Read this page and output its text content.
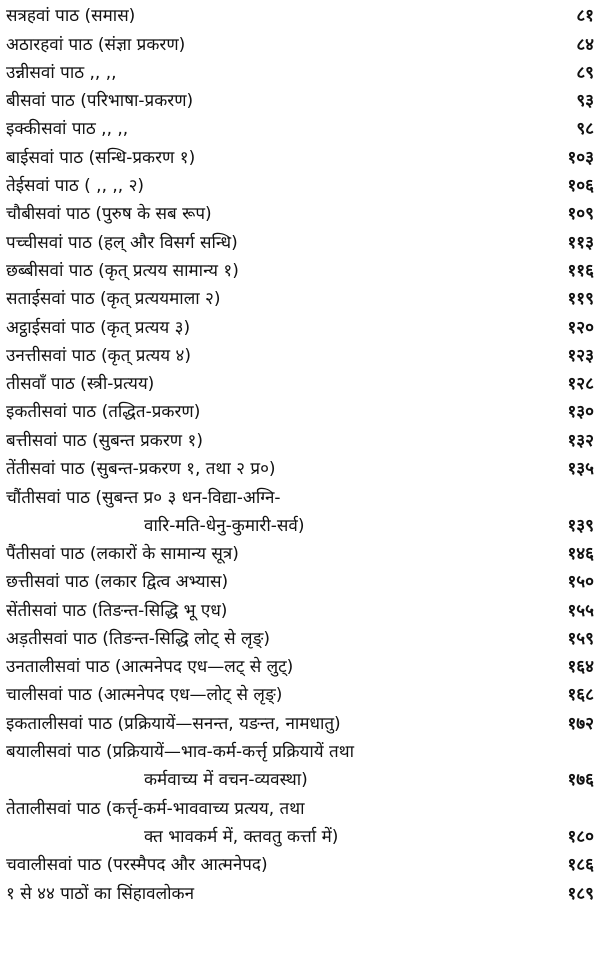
सत्रहवां पाठ (समास)	८१
अठारहवां पाठ (संज्ञा प्रकरण)	८४
उन्नीसवां पाठ ,, ,,	८९
बीसवां पाठ (परिभाषा-प्रकरण)	९३
इक्कीसवां पाठ ,, ,,	९८
बाईसवां पाठ (सन्धि-प्रकरण १)	१०३
तेईसवां पाठ ( ,, ,, २)	१०६
चौबीसवां पाठ (पुरुष के सब रूप)	१०९
पच्चीसवां पाठ (हल् और विसर्ग सन्धि)	११३
छब्बीसवां पाठ (कृत् प्रत्यय सामान्य १)	११६
सताईसवां पाठ (कृत् प्रत्ययमाला २)	११९
अट्ठाईसवां पाठ (कृत् प्रत्यय ३)	१२०
उनत्तीसवां पाठ (कृत् प्रत्यय ४)	१२३
तीसवाँ पाठ (स्त्री-प्रत्यय)	१२८
इकतीसवां पाठ (तद्धित-प्रकरण)	१३०
बत्तीसवां पाठ (सुबन्त प्रकरण १)	१३२
तेंतीसवां पाठ (सुबन्त-प्रकरण १, तथा २ प्र०)	१३५
चौंतीसवां पाठ (सुबन्त प्र० ३ धन-विद्या-अग्नि-
वारि-मति-धेनु-कुमारी-सर्व)	१३९
पैंतीसवां पाठ (लकारों के सामान्य सूत्र)	१४६
छत्तीसवां पाठ (लकार द्वित्व अभ्यास)	१५०
सेंतीसवां पाठ (तिङन्त-सिद्धि भू एध)	१५५
अड़तीसवां पाठ (तिङन्त-सिद्धि लोट् से लृङ्)	१५९
उनतालीसवां पाठ (आत्मनेपद एध—लट् से लुट्)	१६४
चालीसवां पाठ (आत्मनेपद एध—लोट् से लृङ्)	१६८
इकतालीसवां पाठ (प्रक्रियायें—सनन्त, यङन्त, नामधातु)	१७२
बयालीसवां पाठ (प्रक्रियायें—भाव-कर्म-कर्त्तृ प्रक्रियायें तथा
कर्मवाच्य में वचन-व्यवस्था)	१७६
तेतालीसवां पाठ (कर्त्तृ-कर्म-भाववाच्य प्रत्यय, तथा
क्त भावकर्म में, क्तवतु कर्त्ता में)	१८०
चवालीसवां पाठ (परस्मैपद और आत्मनेपद)	१८६
१ से ४४ पाठों का सिंहावलोकन	१८९
